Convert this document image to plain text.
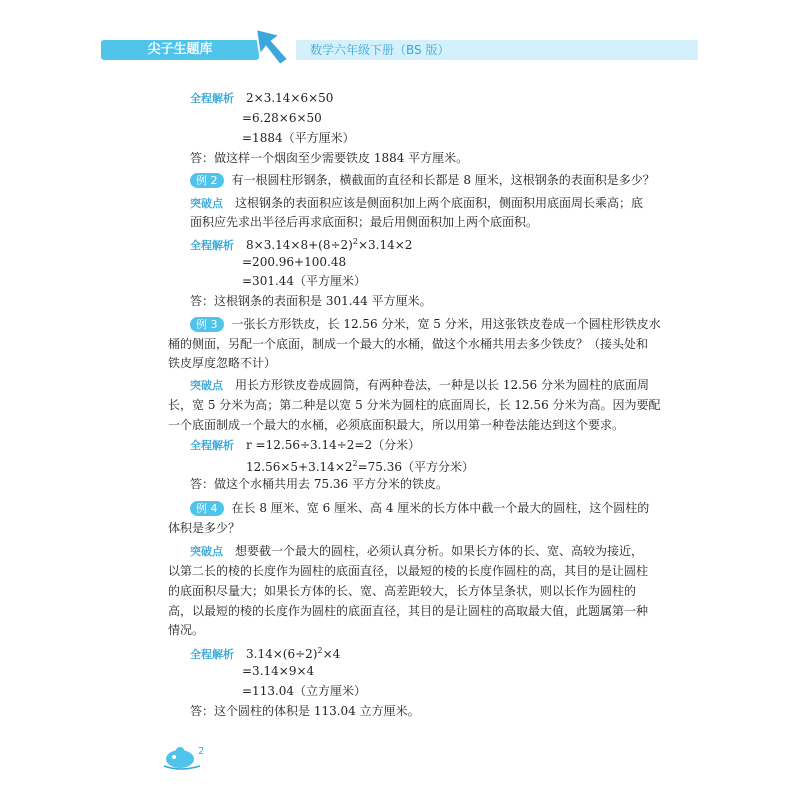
尖子生题库	数学六年级下册（BS 版）
全程解析 2×3.14×6×50
=6.28×6×50
=1884（平方厘米）
答：做这样一个烟囱至少需要铁皮 1884 平方厘米。
例 2 有一根圆柱形钢条，横截面的直径和长都是 8 厘米，这根钢条的表面积是多少？
突破点 这根钢条的表面积应该是侧面积加上两个底面积，侧面积用底面周长乘高；底
面积应先求出半径后再求底面积；最后用侧面积加上两个底面积。
全程解析 $8\times 3.14\times 8+(8\div 2)^2\times 3.14\times 2$
=200.96+100.48
=301.44（平方厘米）
答：这根钢条的表面积是 301.44 平方厘米。
例 3 一张长方形铁皮，长 12.56 分米，宽 5 分米，用这张铁皮卷成一个圆柱形铁皮水
桶的侧面，另配一个底面，制成一个最大的水桶，做这个水桶共用去多少铁皮？（接头处和
铁皮厚度忽略不计）
突破点 用长方形铁皮卷成圆筒，有两种卷法，一种是以长 12.56 分米为圆柱的底面周
长，宽 5 分米为高；第二种是以宽 5 分米为圆柱的底面周长，长 12.56 分米为高。因为要配
一个底面制成一个最大的水桶，必须底面积最大，所以用第一种卷法能达到这个要求。
全程解析 r =12.56÷3.14÷2=2（分米）
$12.56\times 5+3.14\times 2^2=75.36$（平方分米）
答：做这个水桶共用去 75.36 平方分米的铁皮。
例 4 在长 8 厘米、宽 6 厘米、高 4 厘米的长方体中截一个最大的圆柱，这个圆柱的
体积是多少？
突破点 想要截一个最大的圆柱，必须认真分析。如果长方体的长、宽、高较为接近，
以第二长的棱的长度作为圆柱的底面直径，以最短的棱的长度作圆柱的高，其目的是让圆柱
的底面积尽量大；如果长方体的长、宽、高差距较大，长方体呈条状，则以长作为圆柱的
高，以最短的棱的长度作为圆柱的底面直径，其目的是让圆柱的高取最大值，此题属第一种
情况。
全程解析 $3.14\times(6\div 2)^2\times 4$
=3.14×9×4
=113.04（立方厘米）
答：这个圆柱的体积是 113.04 立方厘米。
2
